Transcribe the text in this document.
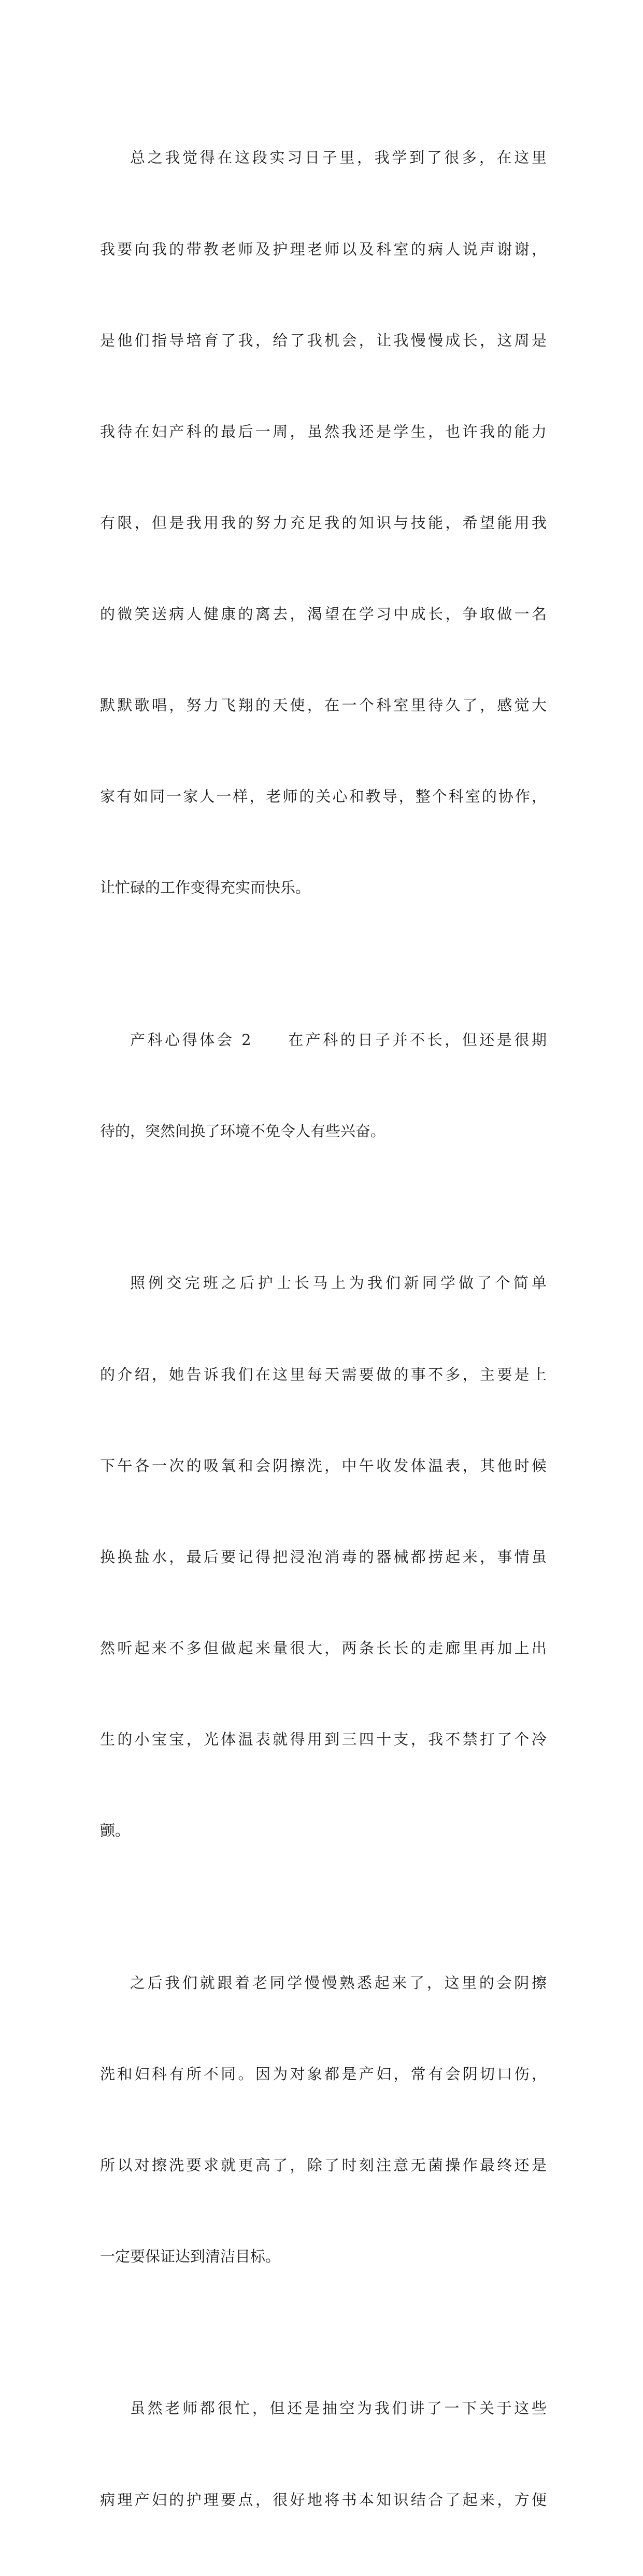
总之我觉得在这段实习日子里，我学到了很多，在这里

我要向我的带教老师及护理老师以及科室的病人说声谢谢，

是他们指导培育了我，给了我机会，让我慢慢成长，这周是

我待在妇产科的最后一周，虽然我还是学生，也许我的能力

有限，但是我用我的努力充足我的知识与技能，希望能用我

的微笑送病人健康的离去，渴望在学习中成长，争取做一名

默默歌唱，努力飞翔的天使，在一个科室里待久了，感觉大

家有如同一家人一样，老师的关心和教导，整个科室的协作，

让忙碌的工作变得充实而快乐。

产科心得体会 2　　在产科的日子并不长，但还是很期

待的，突然间换了环境不免令人有些兴奋。

照例交完班之后护士长马上为我们新同学做了个简单

的介绍，她告诉我们在这里每天需要做的事不多，主要是上

下午各一次的吸氧和会阴擦洗，中午收发体温表，其他时候

换换盐水，最后要记得把浸泡消毒的器械都捞起来，事情虽

然听起来不多但做起来量很大，两条长长的走廊里再加上出

生的小宝宝，光体温表就得用到三四十支，我不禁打了个冷

颤。

之后我们就跟着老同学慢慢熟悉起来了，这里的会阴擦

洗和妇科有所不同。因为对象都是产妇，常有会阴切口伤，

所以对擦洗要求就更高了，除了时刻注意无菌操作最终还是

一定要保证达到清洁目标。

虽然老师都很忙，但还是抽空为我们讲了一下关于这些

病理产妇的护理要点，很好地将书本知识结合了起来，方便
